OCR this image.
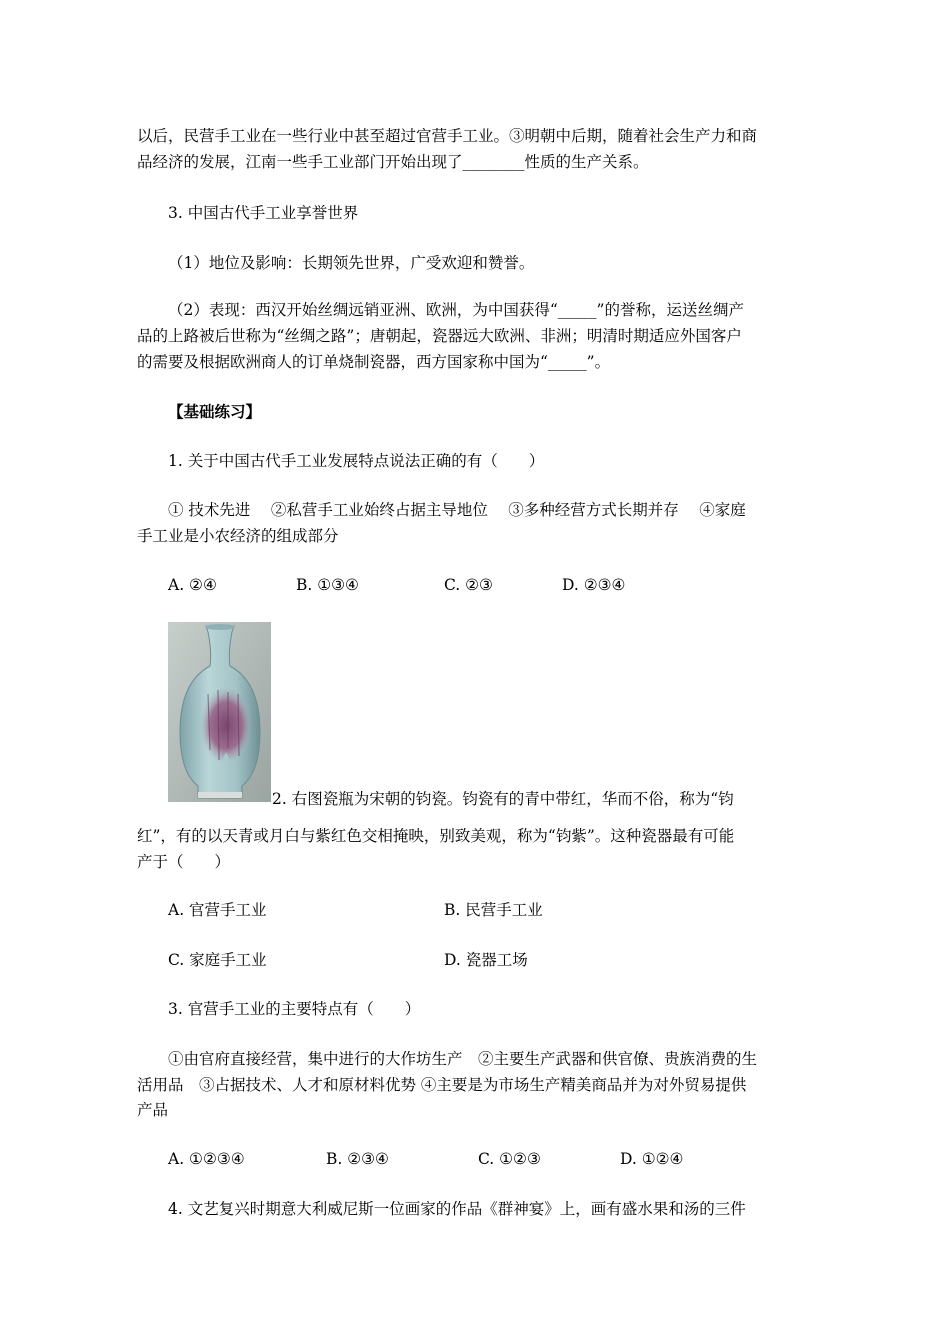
以后，民营手工业在一些行业中甚至超过官营手工业。③明朝中后期，随着社会生产力和商
品经济的发展，江南一些手工业部门开始出现了________性质的生产关系。
3. 中国古代手工业享誉世界
（1）地位及影响：长期领先世界，广受欢迎和赞誉。
（2）表现：西汉开始丝绸远销亚洲、欧洲，为中国获得“_____”的誉称，运送丝绸产
品的上路被后世称为“丝绸之路”；唐朝起，瓷器远大欧洲、非洲；明清时期适应外国客户
的需要及根据欧洲商人的订单烧制瓷器，西方国家称中国为“_____”。
【基础练习】
1. 关于中国古代手工业发展特点说法正确的有（　　）
① 技术先进　 ②私营手工业始终占据主导地位　 ③多种经营方式长期并存　 ④家庭
手工业是小农经济的组成部分
A. ②④	B. ①③④	C. ②③	D. ②③④
2. 右图瓷瓶为宋朝的钧瓷。钧瓷有的青中带红，华而不俗，称为“钧
红”，有的以天青或月白与紫红色交相掩映，别致美观，称为“钧紫”。这种瓷器最有可能
产于（　　）
A. 官营手工业	B. 民营手工业
C. 家庭手工业	D. 瓷器工场
3. 官营手工业的主要特点有（　　）
①由官府直接经营，集中进行的大作坊生产　②主要生产武器和供官僚、贵族消费的生
活用品　③占据技术、人才和原材料优势 ④主要是为市场生产精美商品并为对外贸易提供
产品
A. ①②③④	B. ②③④	C. ①②③	D. ①②④
4. 文艺复兴时期意大利威尼斯一位画家的作品《群神宴》上，画有盛水果和汤的三件
